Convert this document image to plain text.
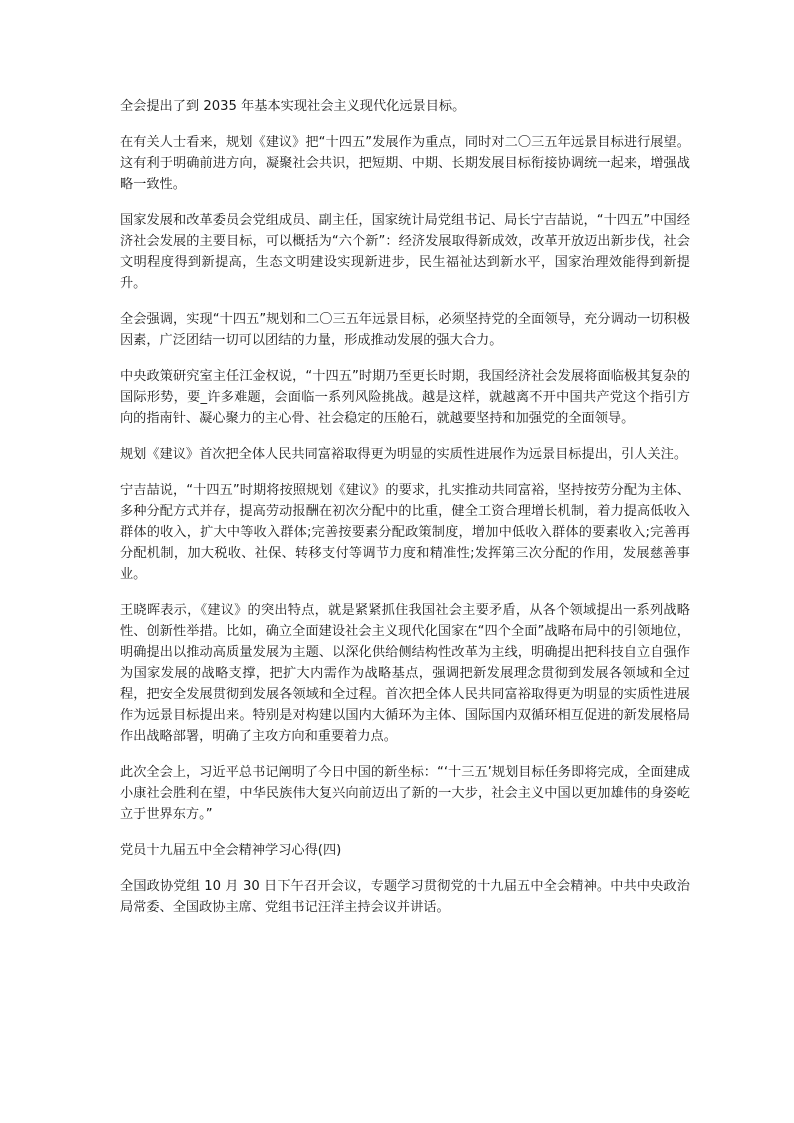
全会提出了到 2035 年基本实现社会主义现代化远景目标。

在有关人士看来，规划《建议》把“十四五”发展作为重点，同时对二〇三五年远景目标进行展望。这有利于明确前进方向，凝聚社会共识，把短期、中期、长期发展目标衔接协调统一起来，增强战略一致性。

国家发展和改革委员会党组成员、副主任，国家统计局党组书记、局长宁吉喆说，“十四五”中国经济社会发展的主要目标，可以概括为“六个新”：经济发展取得新成效，改革开放迈出新步伐，社会文明程度得到新提高，生态文明建设实现新进步，民生福祉达到新水平，国家治理效能得到新提升。

全会强调，实现“十四五”规划和二〇三五年远景目标，必须坚持党的全面领导，充分调动一切积极因素，广泛团结一切可以团结的力量，形成推动发展的强大合力。

中央政策研究室主任江金权说，“十四五”时期乃至更长时期，我国经济社会发展将面临极其复杂的国际形势，要_许多难题，会面临一系列风险挑战。越是这样，就越离不开中国共产党这个指引方向的指南针、凝心聚力的主心骨、社会稳定的压舱石，就越要坚持和加强党的全面领导。

规划《建议》首次把全体人民共同富裕取得更为明显的实质性进展作为远景目标提出，引人关注。

宁吉喆说，“十四五”时期将按照规划《建议》的要求，扎实推动共同富裕，坚持按劳分配为主体、多种分配方式并存，提高劳动报酬在初次分配中的比重，健全工资合理增长机制，着力提高低收入群体的收入，扩大中等收入群体;完善按要素分配政策制度，增加中低收入群体的要素收入;完善再分配机制，加大税收、社保、转移支付等调节力度和精准性;发挥第三次分配的作用，发展慈善事业。

王晓晖表示，《建议》的突出特点，就是紧紧抓住我国社会主要矛盾，从各个领域提出一系列战略性、创新性举措。比如，确立全面建设社会主义现代化国家在“四个全面”战略布局中的引领地位，明确提出以推动高质量发展为主题、以深化供给侧结构性改革为主线，明确提出把科技自立自强作为国家发展的战略支撑，把扩大内需作为战略基点，强调把新发展理念贯彻到发展各领域和全过程，把安全发展贯彻到发展各领域和全过程。首次把全体人民共同富裕取得更为明显的实质性进展作为远景目标提出来。特别是对构建以国内大循环为主体、国际国内双循环相互促进的新发展格局作出战略部署，明确了主攻方向和重要着力点。

此次全会上，习近平总书记阐明了今日中国的新坐标：“‘十三五’规划目标任务即将完成，全面建成小康社会胜利在望，中华民族伟大复兴向前迈出了新的一大步，社会主义中国以更加雄伟的身姿屹立于世界东方。”

党员十九届五中全会精神学习心得(四)

全国政协党组 10 月 30 日下午召开会议，专题学习贯彻党的十九届五中全会精神。中共中央政治局常委、全国政协主席、党组书记汪洋主持会议并讲话。
